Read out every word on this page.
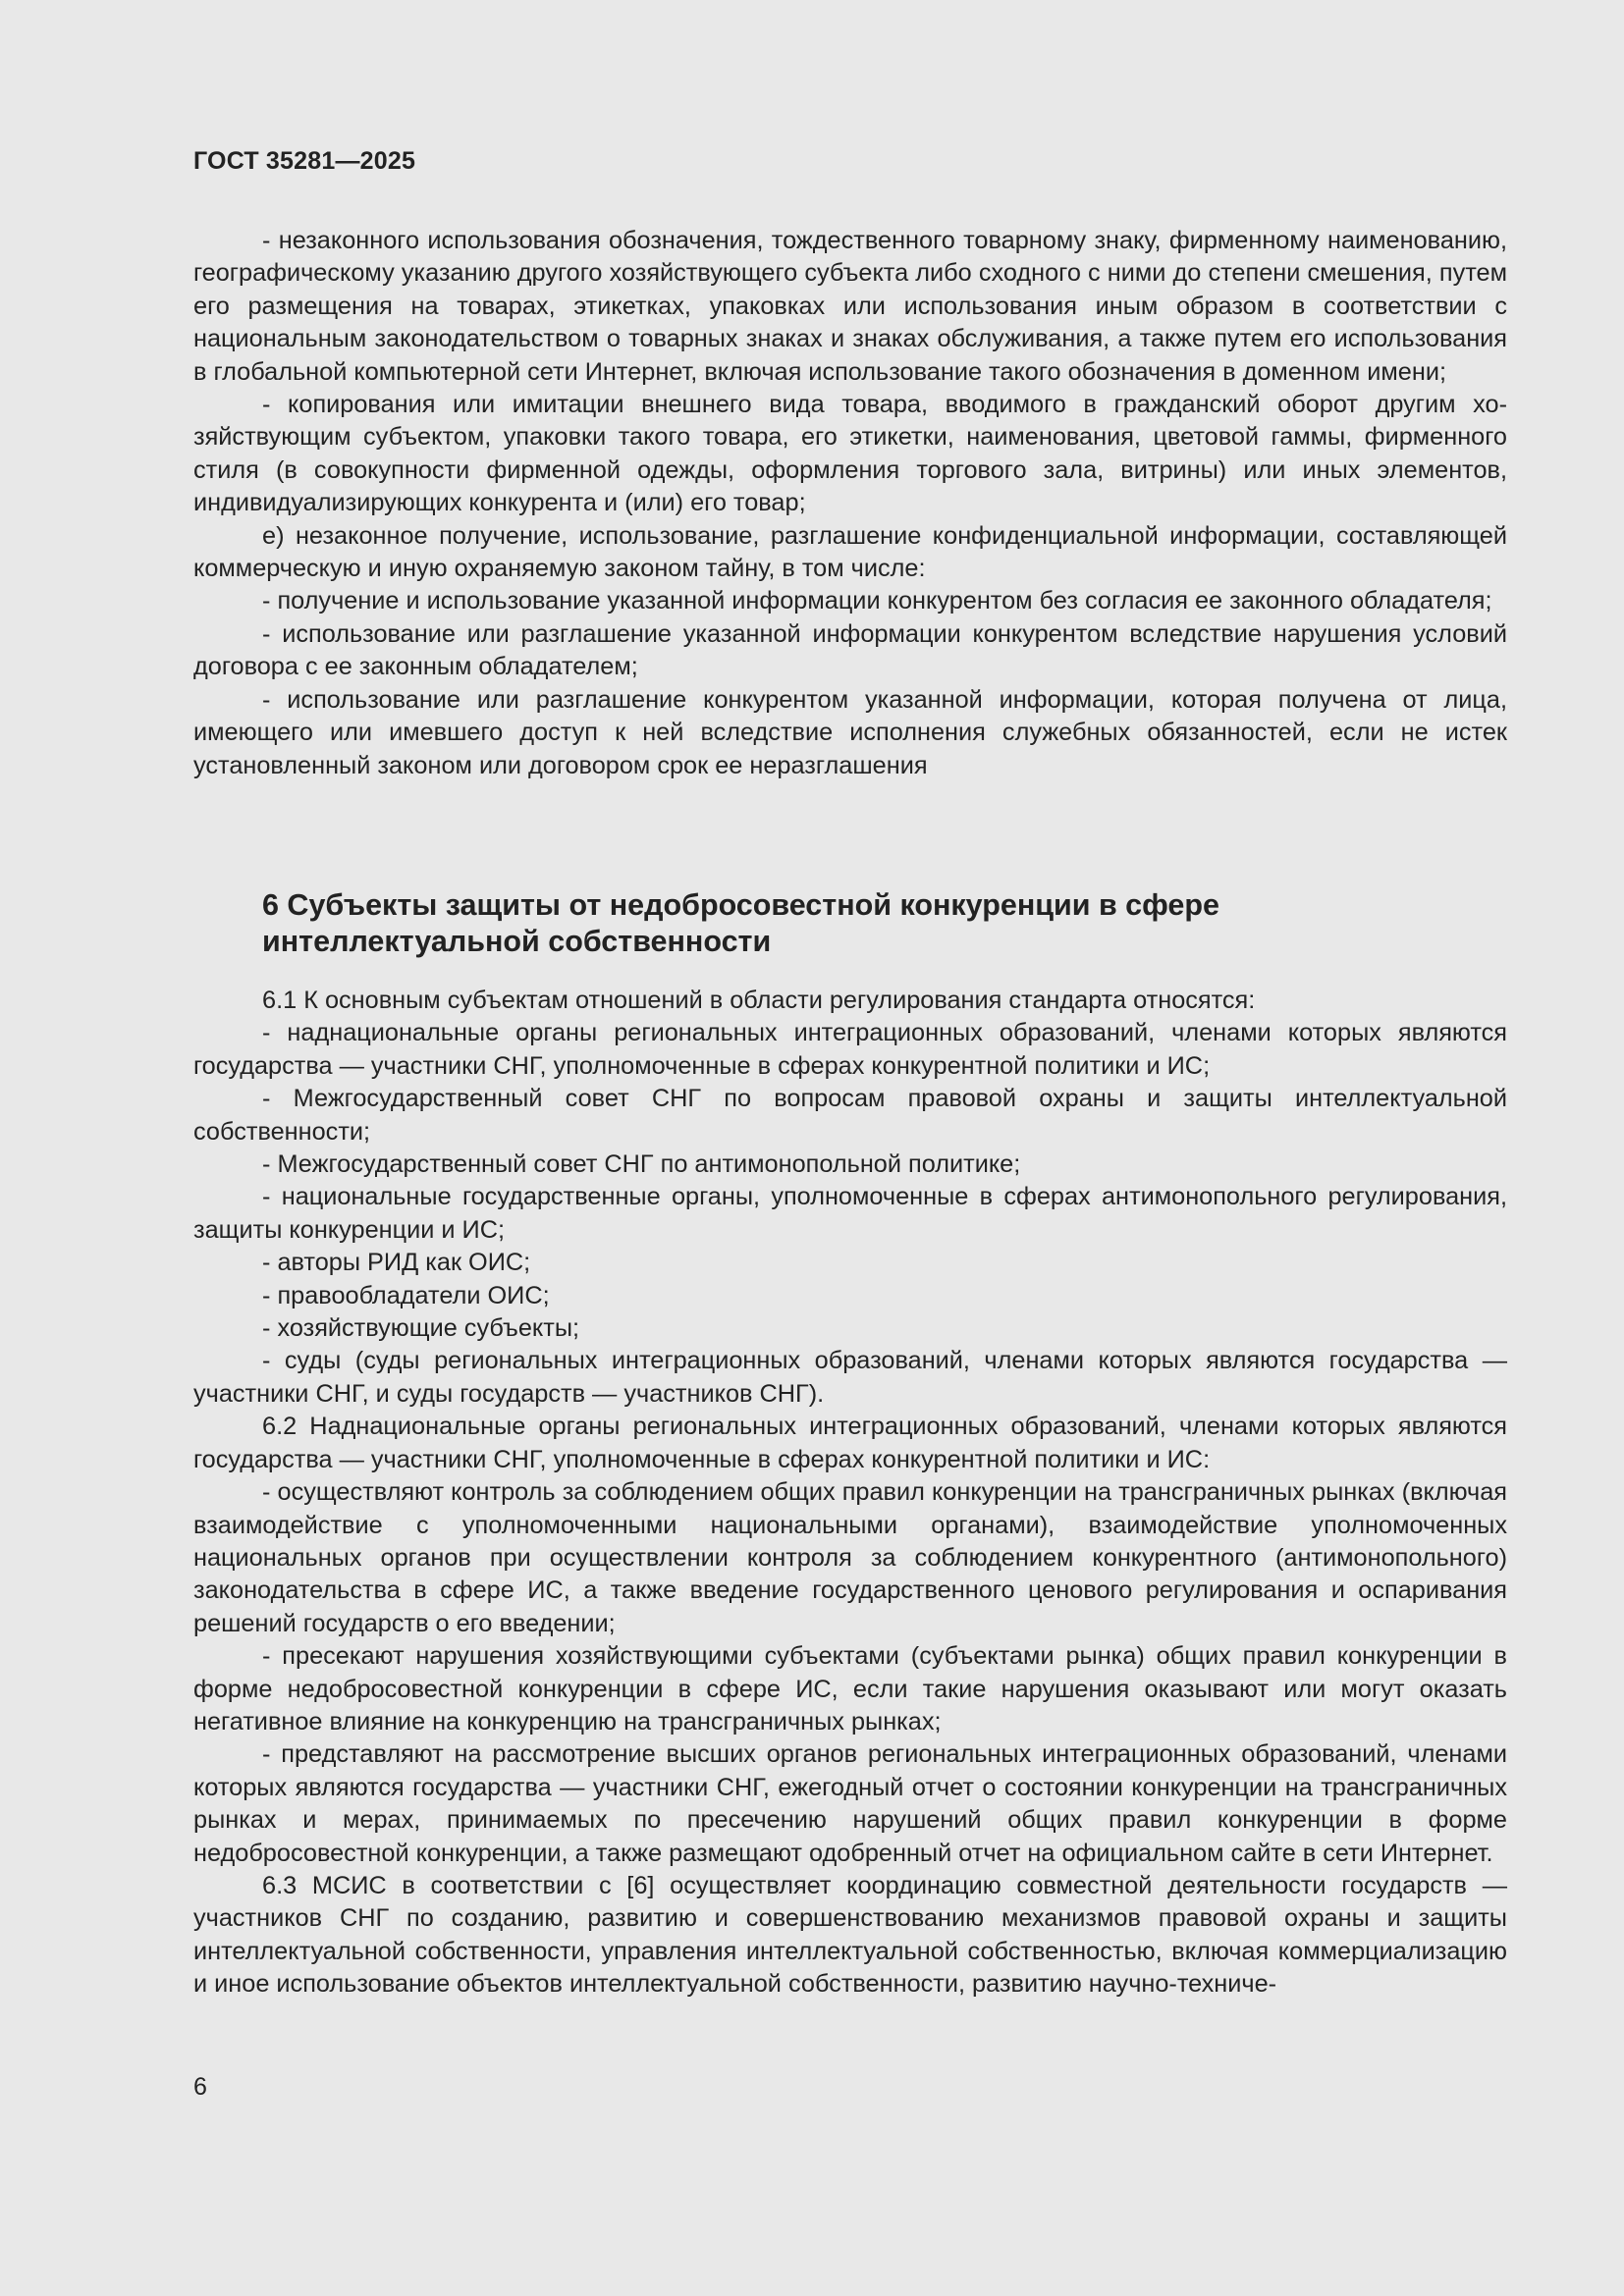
ГОСТ 35281—2025

- незаконного использования обозначения, тождественного товарному знаку, фирменному наименованию, географическому указанию другого хозяйствующего субъекта либо сходного с ними до степени смешения, путем его размещения на товарах, этикетках, упаковках или использования иным образом в соответствии с национальным законодательством о товарных знаках и знаках обслуживания, а также путем его использования в глобальной компьютерной сети Интернет, включая использование такого обозначения в доменном имени;

- копирования или имитации внешнего вида товара, вводимого в гражданский оборот другим хозяйствующим субъектом, упаковки такого товара, его этикетки, наименования, цветовой гаммы, фирменного стиля (в совокупности фирменной одежды, оформления торгового зала, витрины) или иных элементов, индивидуализирующих конкурента и (или) его товар;

е) незаконное получение, использование, разглашение конфиденциальной информации, составляющей коммерческую и иную охраняемую законом тайну, в том числе:

- получение и использование указанной информации конкурентом без согласия ее законного обладателя;

- использование или разглашение указанной информации конкурентом вследствие нарушения условий договора с ее законным обладателем;

- использование или разглашение конкурентом указанной информации, которая получена от лица, имеющего или имевшего доступ к ней вследствие исполнения служебных обязанностей, если не истек установленный законом или договором срок ее неразглашения

6 Субъекты защиты от недобросовестной конкуренции в сфере
интеллектуальной собственности

6.1 К основным субъектам отношений в области регулирования стандарта относятся:

- наднациональные органы региональных интеграционных образований, членами которых являются государства — участники СНГ, уполномоченные в сферах конкурентной политики и ИС;

- Межгосударственный совет СНГ по вопросам правовой охраны и защиты интеллектуальной собственности;

- Межгосударственный совет СНГ по антимонопольной политике;

- национальные государственные органы, уполномоченные в сферах антимонопольного регулирования, защиты конкуренции и ИС;

- авторы РИД как ОИС;

- правообладатели ОИС;

- хозяйствующие субъекты;

- суды (суды региональных интеграционных образований, членами которых являются государства — участники СНГ, и суды государств — участников СНГ).

6.2 Наднациональные органы региональных интеграционных образований, членами которых являются государства — участники СНГ, уполномоченные в сферах конкурентной политики и ИС:

- осуществляют контроль за соблюдением общих правил конкуренции на трансграничных рынках (включая взаимодействие с уполномоченными национальными органами), взаимодействие уполномоченных национальных органов при осуществлении контроля за соблюдением конкурентного (антимонопольного) законодательства в сфере ИС, а также введение государственного ценового регулирования и оспаривания решений государств о его введении;

- пресекают нарушения хозяйствующими субъектами (субъектами рынка) общих правил конкуренции в форме недобросовестной конкуренции в сфере ИС, если такие нарушения оказывают или могут оказать негативное влияние на конкуренцию на трансграничных рынках;

- представляют на рассмотрение высших органов региональных интеграционных образований, членами которых являются государства — участники СНГ, ежегодный отчет о состоянии конкуренции на трансграничных рынках и мерах, принимаемых по пресечению нарушений общих правил конкуренции в форме недобросовестной конкуренции, а также размещают одобренный отчет на официальном сайте в сети Интернет.

6.3 МСИС в соответствии с [6] осуществляет координацию совместной деятельности государств — участников СНГ по созданию, развитию и совершенствованию механизмов правовой охраны и защиты интеллектуальной собственности, управления интеллектуальной собственностью, включая коммерциализацию и иное использование объектов интеллектуальной собственности, развитию научно-техниче-

6
